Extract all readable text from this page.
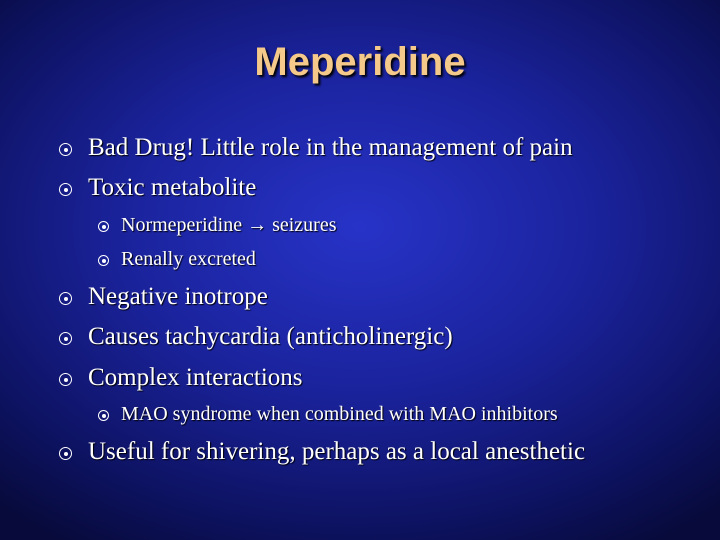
Meperidine
Bad Drug! Little role in the management of pain
Toxic metabolite
Normeperidine → seizures
Renally excreted
Negative inotrope
Causes tachycardia (anticholinergic)
Complex interactions
MAO syndrome when combined with MAO inhibitors
Useful for shivering, perhaps as a local anesthetic
